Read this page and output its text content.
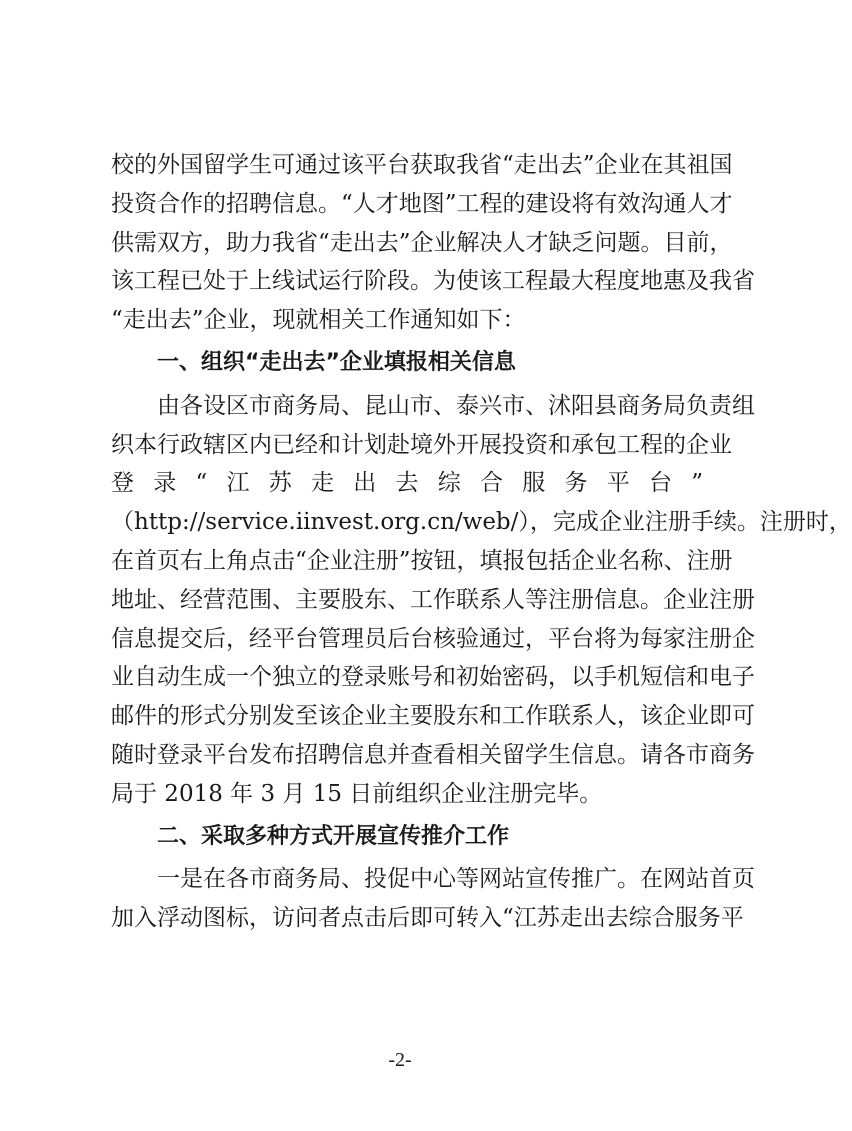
校的外国留学生可通过该平台获取我省“走出去”企业在其祖国
投资合作的招聘信息。“人才地图”工程的建设将有效沟通人才
供需双方，助力我省“走出去”企业解决人才缺乏问题。目前，
该工程已处于上线试运行阶段。为使该工程最大程度地惠及我省
“走出去”企业，现就相关工作通知如下：
一、组织“走出去”企业填报相关信息
由各设区市商务局、昆山市、泰兴市、沭阳县商务局负责组
织本行政辖区内已经和计划赴境外开展投资和承包工程的企业
登录“江苏走出去综合服务平台”
（http://service.iinvest.org.cn/web/），完成企业注册手续。注册时，
在首页右上角点击“企业注册”按钮，填报包括企业名称、注册
地址、经营范围、主要股东、工作联系人等注册信息。企业注册
信息提交后，经平台管理员后台核验通过，平台将为每家注册企
业自动生成一个独立的登录账号和初始密码，以手机短信和电子
邮件的形式分别发至该企业主要股东和工作联系人，该企业即可
随时登录平台发布招聘信息并查看相关留学生信息。请各市商务
局于 2018 年 3 月 15 日前组织企业注册完毕。
二、采取多种方式开展宣传推介工作
一是在各市商务局、投促中心等网站宣传推广。在网站首页
加入浮动图标，访问者点击后即可转入“江苏走出去综合服务平
-2-
